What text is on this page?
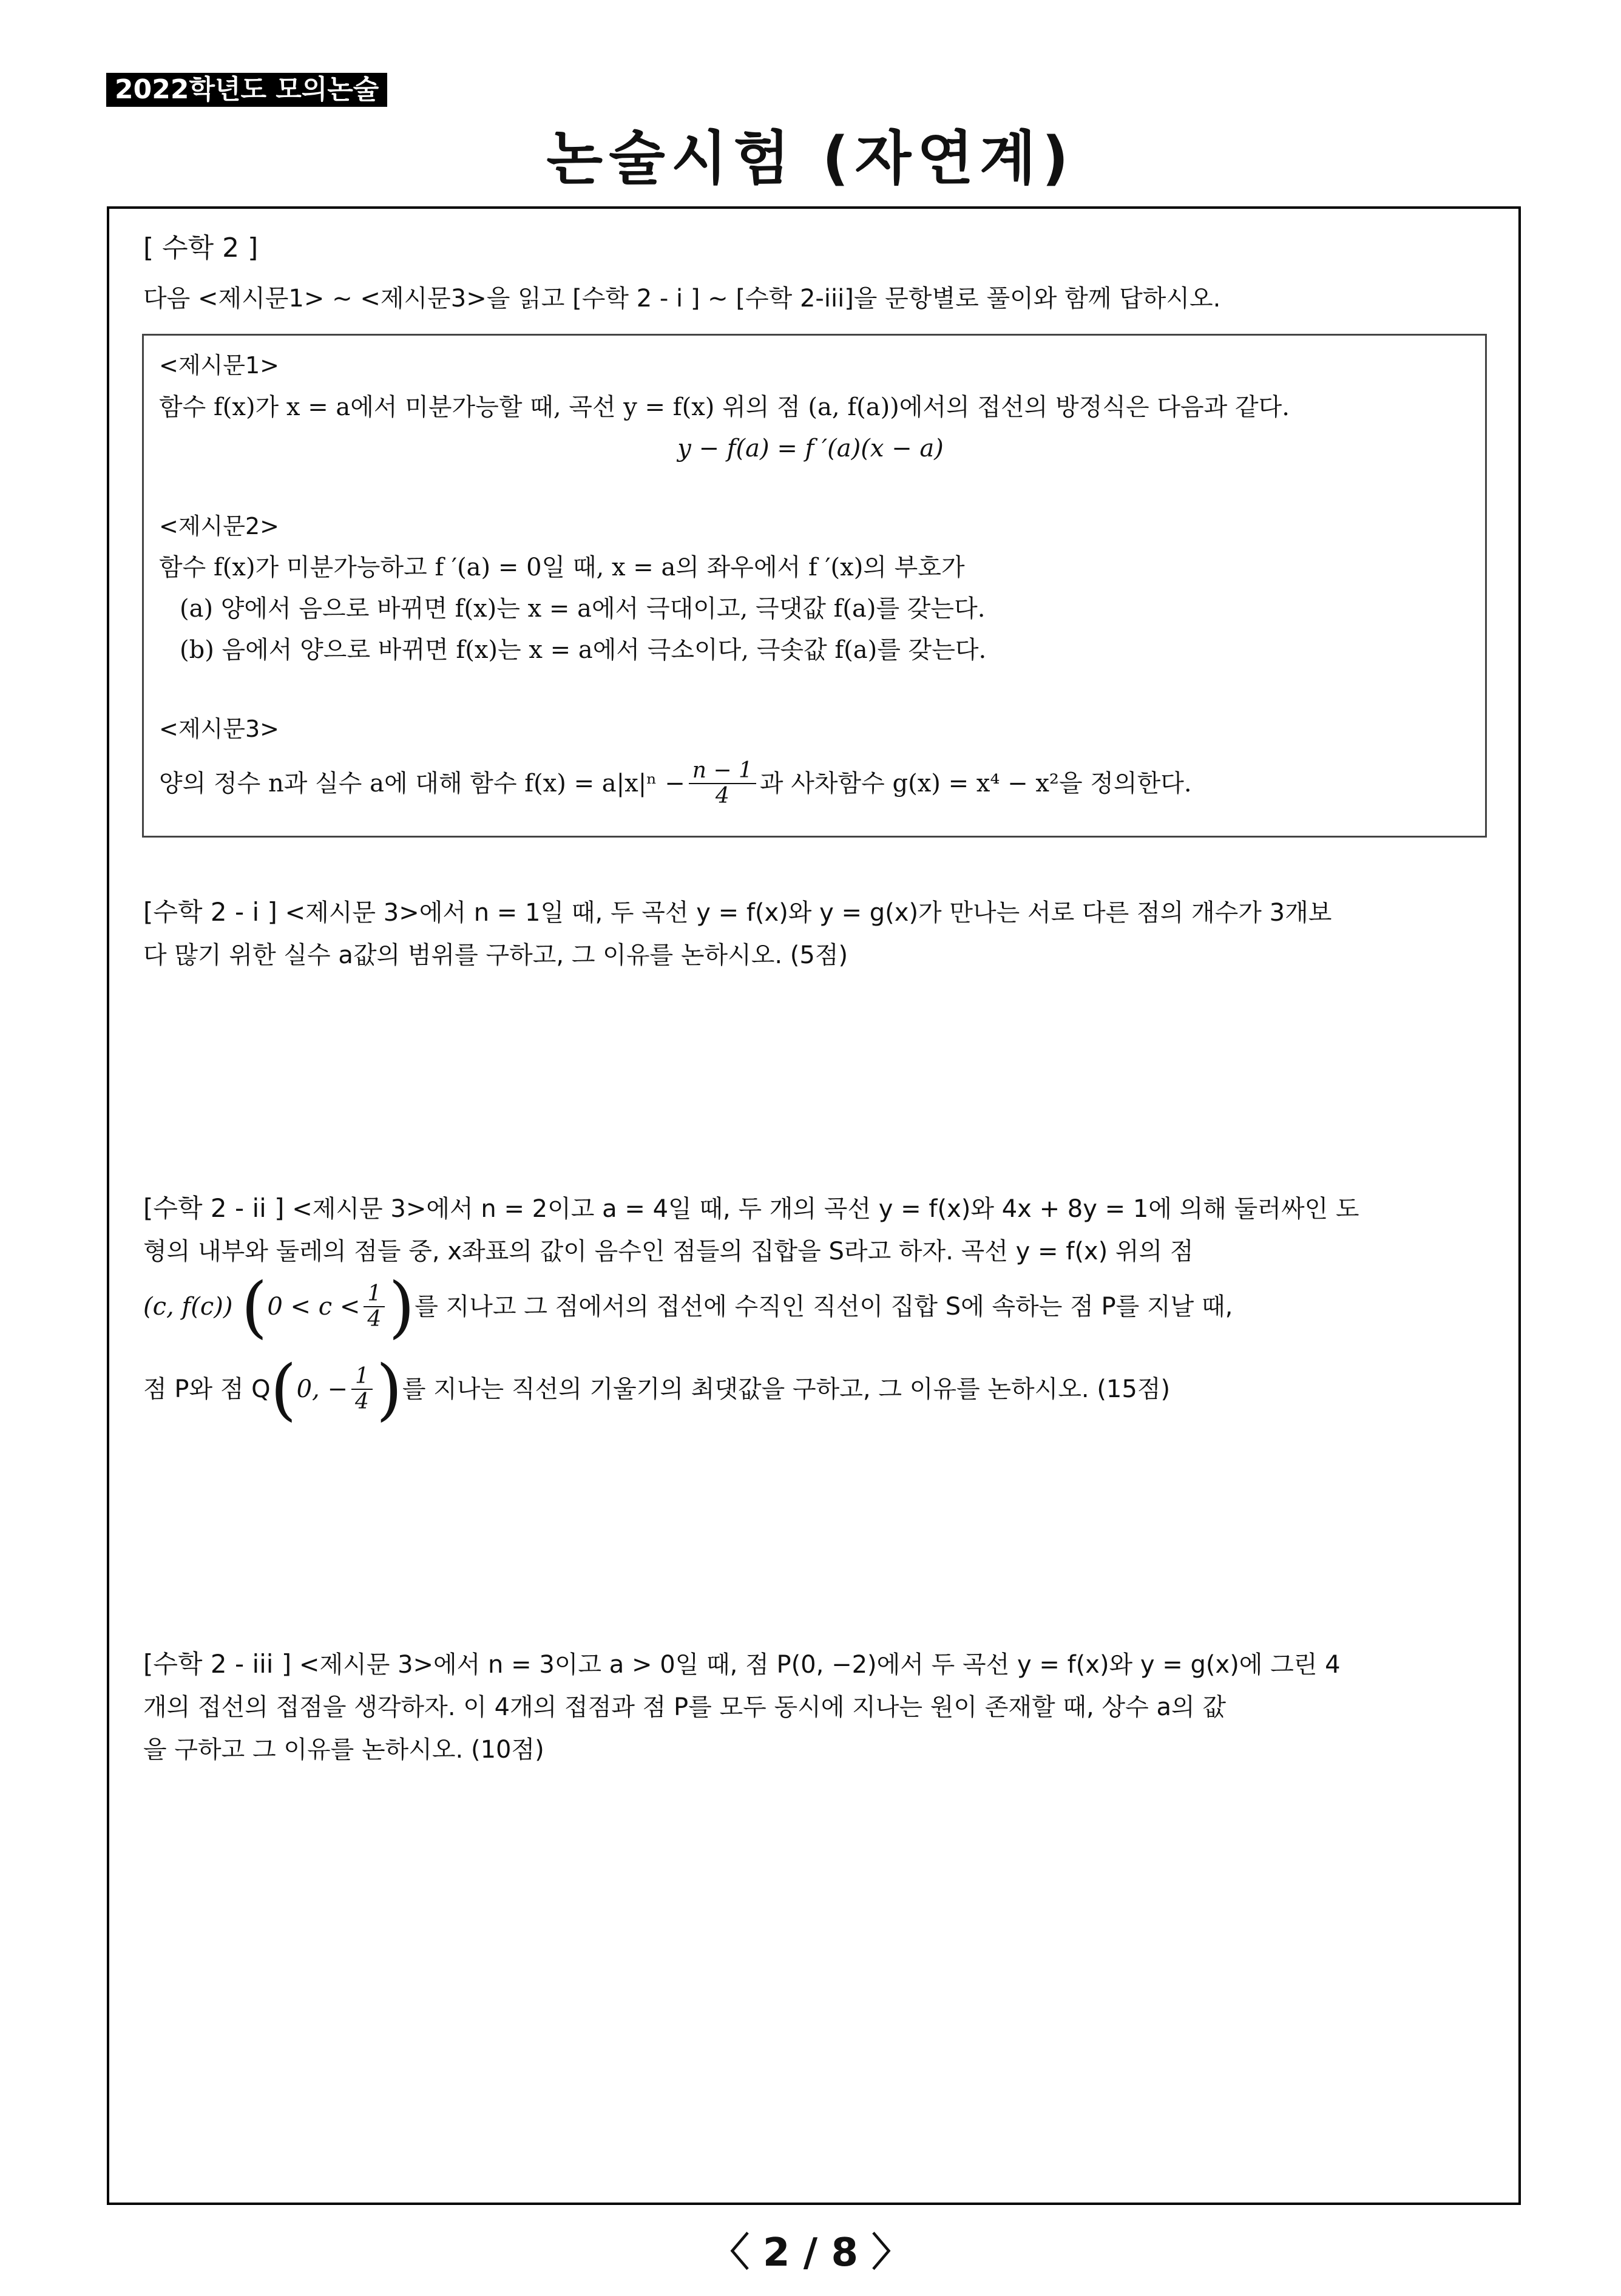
2022학년도 모의논술
논술시험 (자연계)
[ 수학 2 ]
다음 <제시문1> ~ <제시문3>을 읽고 [수학 2 - i ] ~ [수학 2-iii]을 문항별로 풀이와 함께 답하시오.
<제시문1>
함수 f(x)가 x = a에서 미분가능할 때, 곡선 y = f(x) 위의 점 (a, f(a))에서의 접선의 방정식은 다음과 같다.
y − f(a) = f ′(a)(x − a)
<제시문2>
함수 f(x)가 미분가능하고 f ′(a) = 0일 때, x = a의 좌우에서 f ′(x)의 부호가
(a) 양에서 음으로 바뀌면 f(x)는 x = a에서 극대이고, 극댓값 f(a)를 갖는다.
(b) 음에서 양으로 바뀌면 f(x)는 x = a에서 극소이다, 극솟값 f(a)를 갖는다.
<제시문3>
양의 정수 n과 실수 a에 대해 함수 $f(x) = a|x|^n - \frac{n - 1}{4}$ 과 사차함수 g(x) = x⁴ − x²을 정의한다.
[수학 2 - i ] <제시문 3>에서 n = 1일 때, 두 곡선 y = f(x)와 y = g(x)가 만나는 서로 다른 점의 개수가 3개보
다 많기 위한 실수 a값의 범위를 구하고, 그 이유를 논하시오. (5점)
[수학 2 - ii ] <제시문 3>에서 n = 2이고 a = 4일 때, 두 개의 곡선 y = f(x)와 4x + 8y = 1에 의해 둘러싸인 도
형의 내부와 둘레의 점들 중, x좌표의 값이 음수인 점들의 집합을 S라고 하자. 곡선 y = f(x) 위의 점
(c, f(c)) ( $0 < c < \frac{1}{4}$ ) 를 지나고 그 점에서의 접선에 수직인 직선이 집합 S에 속하는 점 P를 지날 때,
점 P와 점 Q ( 0, − $\frac{1}{4}$ ) 를 지나는 직선의 기울기의 최댓값을 구하고, 그 이유를 논하시오. (15점)
[수학 2 - iii ] <제시문 3>에서 n = 3이고 a > 0일 때, 점 P(0, −2)에서 두 곡선 y = f(x)와 y = g(x)에 그린 4
개의 접선의 접점을 생각하자. 이 4개의 접점과 점 P를 모두 동시에 지나는 원이 존재할 때, 상수 a의 값
을 구하고 그 이유를 논하시오. (10점)
〈 2 / 8 〉
